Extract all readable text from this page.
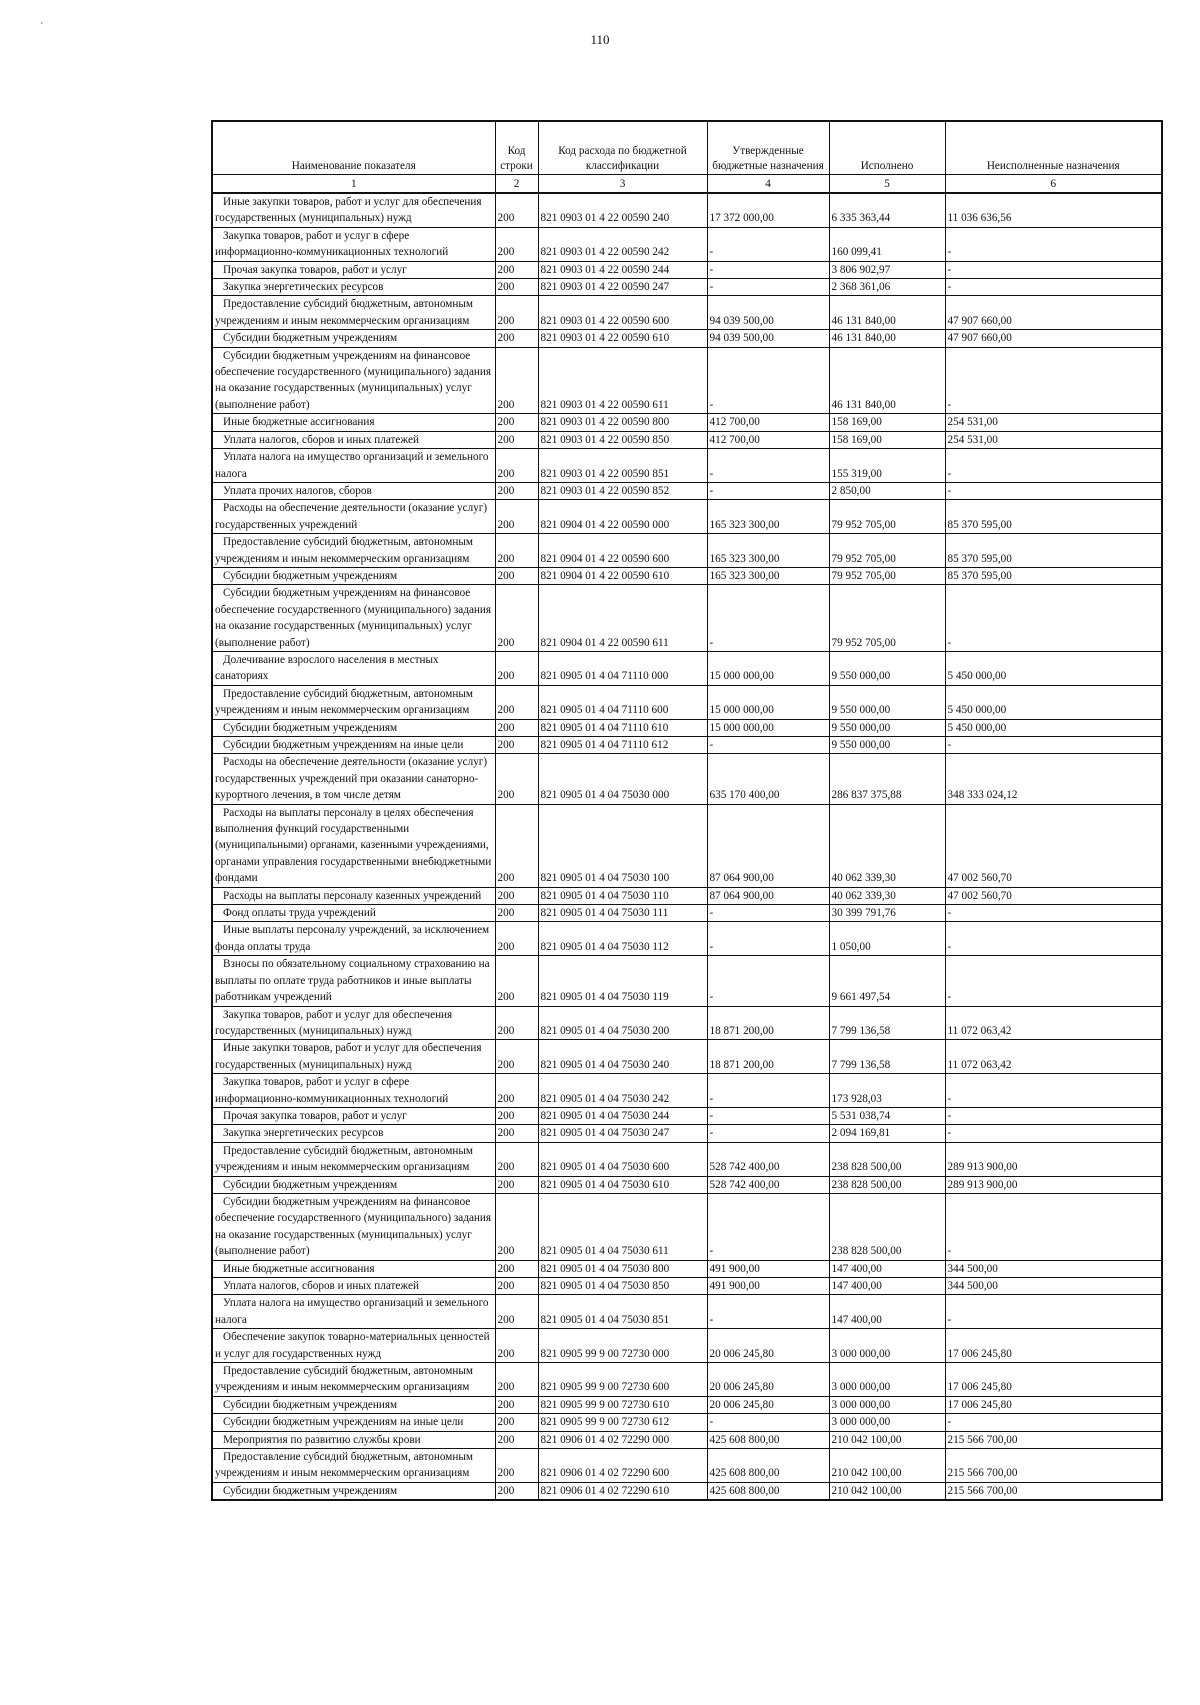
`
110
Наименование показателя	Код строки	Код расхода по бюджетной классификации	Утвержденные бюджетные назначения	Исполнено	Неисполненные назначения
1	2	3	4	5	6

Иные закупки товаров, работ и услуг для обеспечения государственных (муниципальных) нужд	200	821 0903 01 4 22 00590 240	17 372 000,00	6 335 363,44	11 036 636,56

Закупка товаров, работ и услуг в сфере информационно-коммуникационных технологий	200	821 0903 01 4 22 00590 242	-	160 099,41	-

Прочая закупка товаров, работ и услуг	200	821 0903 01 4 22 00590 244	-	3 806 902,97	-

Закупка энергетических ресурсов	200	821 0903 01 4 22 00590 247	-	2 368 361,06	-

Предоставление субсидий бюджетным, автономным учреждениям и иным некоммерческим организациям	200	821 0903 01 4 22 00590 600	94 039 500,00	46 131 840,00	47 907 660,00

Субсидии бюджетным учреждениям	200	821 0903 01 4 22 00590 610	94 039 500,00	46 131 840,00	47 907 660,00

Субсидии бюджетным учреждениям на финансовое обеспечение государственного (муниципального) задания на оказание государственных (муниципальных) услуг (выполнение работ)	200	821 0903 01 4 22 00590 611	-	46 131 840,00	-

Иные бюджетные ассигнования	200	821 0903 01 4 22 00590 800	412 700,00	158 169,00	254 531,00

Уплата налогов, сборов и иных платежей	200	821 0903 01 4 22 00590 850	412 700,00	158 169,00	254 531,00

Уплата налога на имущество организаций и земельного налога	200	821 0903 01 4 22 00590 851	-	155 319,00	-

Уплата прочих налогов, сборов	200	821 0903 01 4 22 00590 852	-	2 850,00	-

Расходы на обеспечение деятельности (оказание услуг) государственных учреждений	200	821 0904 01 4 22 00590 000	165 323 300,00	79 952 705,00	85 370 595,00

Предоставление субсидий бюджетным, автономным учреждениям и иным некоммерческим организациям	200	821 0904 01 4 22 00590 600	165 323 300,00	79 952 705,00	85 370 595,00

Субсидии бюджетным учреждениям	200	821 0904 01 4 22 00590 610	165 323 300,00	79 952 705,00	85 370 595,00

Субсидии бюджетным учреждениям на финансовое обеспечение государственного (муниципального) задания на оказание государственных (муниципальных) услуг (выполнение работ)	200	821 0904 01 4 22 00590 611	-	79 952 705,00	-

Долечивание взрослого населения в местных санаториях	200	821 0905 01 4 04 71110 000	15 000 000,00	9 550 000,00	5 450 000,00

Предоставление субсидий бюджетным, автономным учреждениям и иным некоммерческим организациям	200	821 0905 01 4 04 71110 600	15 000 000,00	9 550 000,00	5 450 000,00

Субсидии бюджетным учреждениям	200	821 0905 01 4 04 71110 610	15 000 000,00	9 550 000,00	5 450 000,00

Субсидии бюджетным учреждениям на иные цели	200	821 0905 01 4 04 71110 612	-	9 550 000,00	-

Расходы на обеспечение деятельности (оказание услуг) государственных учреждений при оказании санаторно-курортного лечения, в том числе детям	200	821 0905 01 4 04 75030 000	635 170 400,00	286 837 375,88	348 333 024,12

Расходы на выплаты персоналу в целях обеспечения выполнения функций государственными (муниципальными) органами, казенными учреждениями, органами управления государственными внебюджетными фондами	200	821 0905 01 4 04 75030 100	87 064 900,00	40 062 339,30	47 002 560,70

Расходы на выплаты персоналу казенных учреждений	200	821 0905 01 4 04 75030 110	87 064 900,00	40 062 339,30	47 002 560,70

Фонд оплаты труда учреждений	200	821 0905 01 4 04 75030 111	-	30 399 791,76	-

Иные выплаты персоналу учреждений, за исключением фонда оплаты труда	200	821 0905 01 4 04 75030 112	-	1 050,00	-

Взносы по обязательному социальному страхованию на выплаты по оплате труда работников и иные выплаты работникам учреждений	200	821 0905 01 4 04 75030 119	-	9 661 497,54	-

Закупка товаров, работ и услуг для обеспечения государственных (муниципальных) нужд	200	821 0905 01 4 04 75030 200	18 871 200,00	7 799 136,58	11 072 063,42

Иные закупки товаров, работ и услуг для обеспечения государственных (муниципальных) нужд	200	821 0905 01 4 04 75030 240	18 871 200,00	7 799 136,58	11 072 063,42

Закупка товаров, работ и услуг в сфере информационно-коммуникационных технологий	200	821 0905 01 4 04 75030 242	-	173 928,03	-

Прочая закупка товаров, работ и услуг	200	821 0905 01 4 04 75030 244	-	5 531 038,74	-

Закупка энергетических ресурсов	200	821 0905 01 4 04 75030 247	-	2 094 169,81	-

Предоставление субсидий бюджетным, автономным учреждениям и иным некоммерческим организациям	200	821 0905 01 4 04 75030 600	528 742 400,00	238 828 500,00	289 913 900,00

Субсидии бюджетным учреждениям	200	821 0905 01 4 04 75030 610	528 742 400,00	238 828 500,00	289 913 900,00

Субсидии бюджетным учреждениям на финансовое обеспечение государственного (муниципального) задания на оказание государственных (муниципальных) услуг (выполнение работ)	200	821 0905 01 4 04 75030 611	-	238 828 500,00	-

Иные бюджетные ассигнования	200	821 0905 01 4 04 75030 800	491 900,00	147 400,00	344 500,00

Уплата налогов, сборов и иных платежей	200	821 0905 01 4 04 75030 850	491 900,00	147 400,00	344 500,00

Уплата налога на имущество организаций и земельного налога	200	821 0905 01 4 04 75030 851	-	147 400,00	-

Обеспечение закупок товарно-материальных ценностей и услуг для государственных нужд	200	821 0905 99 9 00 72730 000	20 006 245,80	3 000 000,00	17 006 245,80

Предоставление субсидий бюджетным, автономным учреждениям и иным некоммерческим организациям	200	821 0905 99 9 00 72730 600	20 006 245,80	3 000 000,00	17 006 245,80

Субсидии бюджетным учреждениям	200	821 0905 99 9 00 72730 610	20 006 245,80	3 000 000,00	17 006 245,80

Субсидии бюджетным учреждениям на иные цели	200	821 0905 99 9 00 72730 612	-	3 000 000,00	-

Мероприятия по развитию службы крови	200	821 0906 01 4 02 72290 000	425 608 800,00	210 042 100,00	215 566 700,00

Предоставление субсидий бюджетным, автономным учреждениям и иным некоммерческим организациям	200	821 0906 01 4 02 72290 600	425 608 800,00	210 042 100,00	215 566 700,00

Субсидии бюджетным учреждениям	200	821 0906 01 4 02 72290 610	425 608 800,00	210 042 100,00	215 566 700,00
